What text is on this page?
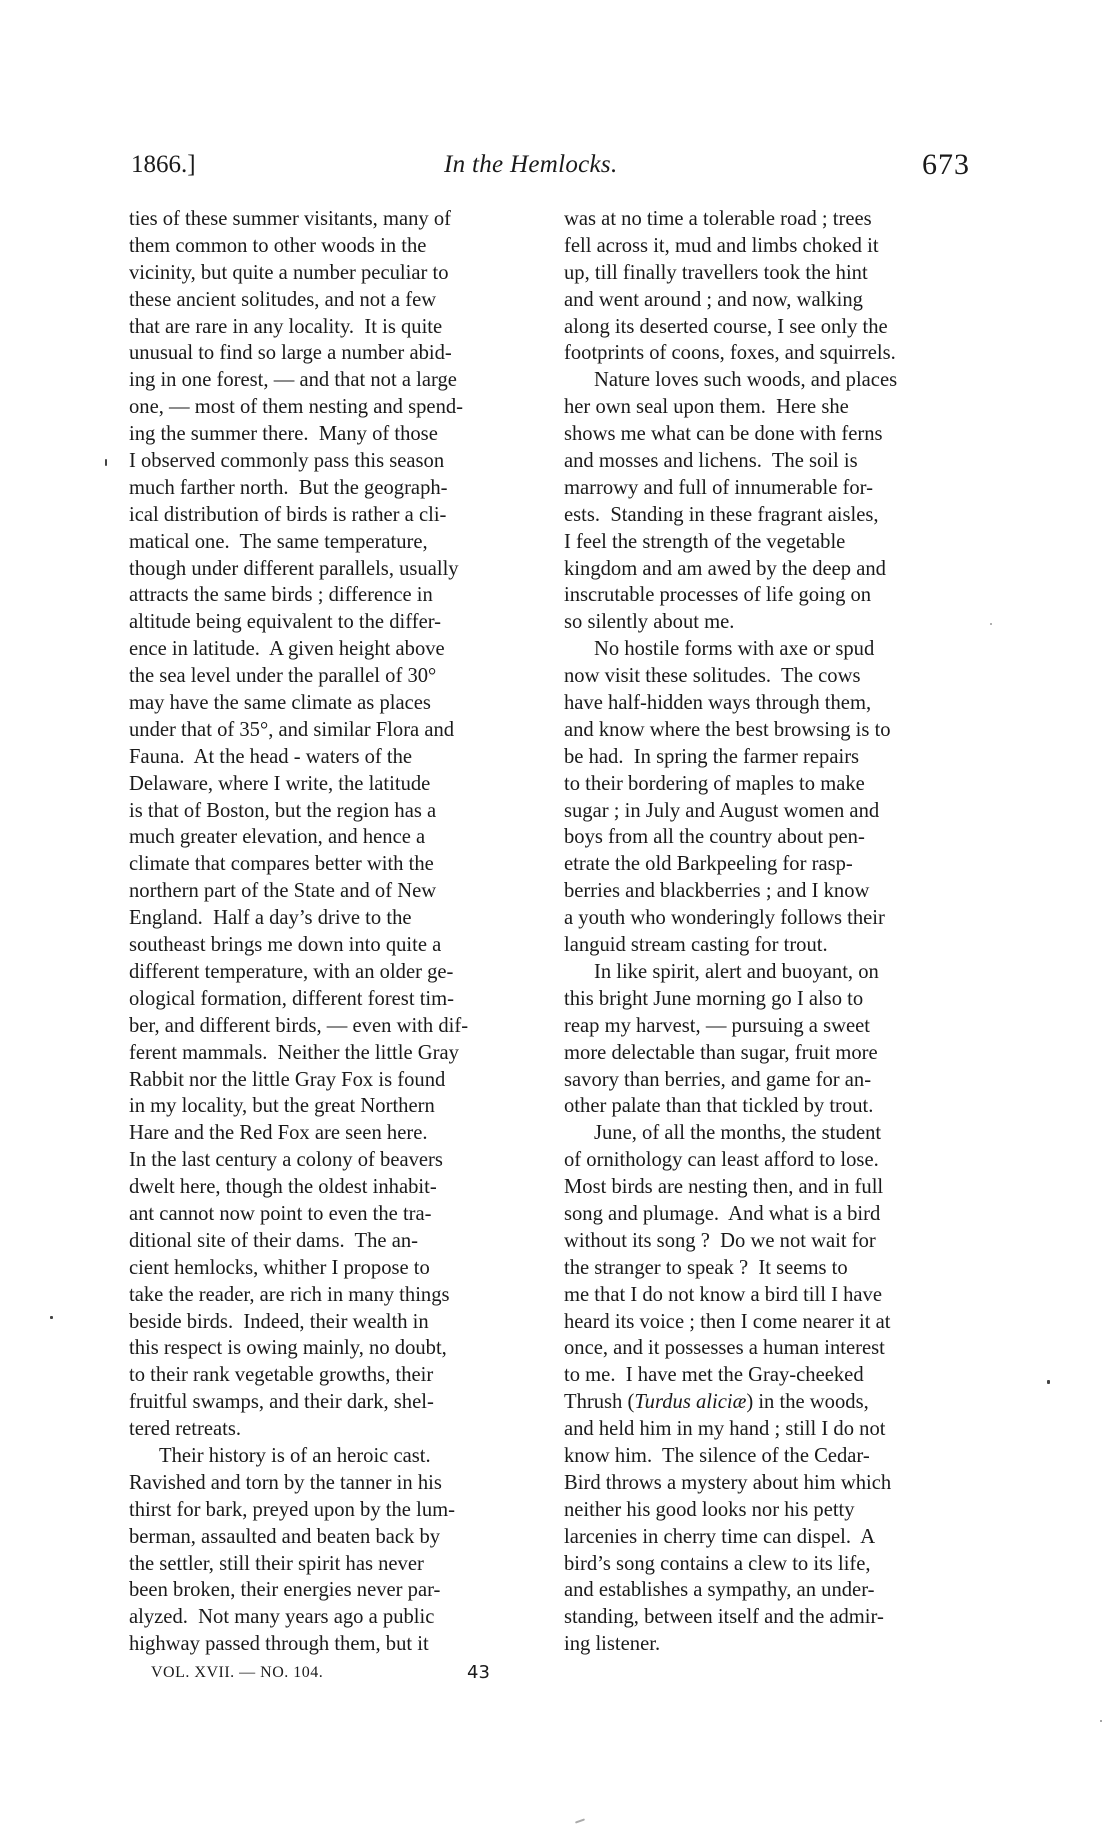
1866.]	In the Hemlocks.	673
ties of these summer visitants, many of
them common to other woods in the
vicinity, but quite a number peculiar to
these ancient solitudes, and not a few
that are rare in any locality.  It is quite
unusual to find so large a number abid-
ing in one forest, — and that not a large
one, — most of them nesting and spend-
ing the summer there.  Many of those
I observed commonly pass this season
much farther north.  But the geograph-
ical distribution of birds is rather a cli-
matical one.  The same temperature,
though under different parallels, usually
attracts the same birds ; difference in
altitude being equivalent to the differ-
ence in latitude.  A given height above
the sea level under the parallel of 30°
may have the same climate as places
under that of 35°, and similar Flora and
Fauna.  At the head - waters of the
Delaware, where I write, the latitude
is that of Boston, but the region has a
much greater elevation, and hence a
climate that compares better with the
northern part of the State and of New
England.  Half a day’s drive to the
southeast brings me down into quite a
different temperature, with an older ge-
ological formation, different forest tim-
ber, and different birds, — even with dif-
ferent mammals.  Neither the little Gray
Rabbit nor the little Gray Fox is found
in my locality, but the great Northern
Hare and the Red Fox are seen here.
In the last century a colony of beavers
dwelt here, though the oldest inhabit-
ant cannot now point to even the tra-
ditional site of their dams.  The an-
cient hemlocks, whither I propose to
take the reader, are rich in many things
beside birds.  Indeed, their wealth in
this respect is owing mainly, no doubt,
to their rank vegetable growths, their
fruitful swamps, and their dark, shel-
tered retreats.
Their history is of an heroic cast.
Ravished and torn by the tanner in his
thirst for bark, preyed upon by the lum-
berman, assaulted and beaten back by
the settler, still their spirit has never
been broken, their energies never par-
alyzed.  Not many years ago a public
highway passed through them, but it
was at no time a tolerable road ; trees
fell across it, mud and limbs choked it
up, till finally travellers took the hint
and went around ; and now, walking
along its deserted course, I see only the
footprints of coons, foxes, and squirrels.
Nature loves such woods, and places
her own seal upon them.  Here she
shows me what can be done with ferns
and mosses and lichens.  The soil is
marrowy and full of innumerable for-
ests.  Standing in these fragrant aisles,
I feel the strength of the vegetable
kingdom and am awed by the deep and
inscrutable processes of life going on
so silently about me.
No hostile forms with axe or spud
now visit these solitudes.  The cows
have half-hidden ways through them,
and know where the best browsing is to
be had.  In spring the farmer repairs
to their bordering of maples to make
sugar ; in July and August women and
boys from all the country about pen-
etrate the old Barkpeeling for rasp-
berries and blackberries ; and I know
a youth who wonderingly follows their
languid stream casting for trout.
In like spirit, alert and buoyant, on
this bright June morning go I also to
reap my harvest, — pursuing a sweet
more delectable than sugar, fruit more
savory than berries, and game for an-
other palate than that tickled by trout.
June, of all the months, the student
of ornithology can least afford to lose.
Most birds are nesting then, and in full
song and plumage.  And what is a bird
without its song ?  Do we not wait for
the stranger to speak ?  It seems to
me that I do not know a bird till I have
heard its voice ; then I come nearer it at
once, and it possesses a human interest
to me.  I have met the Gray-cheeked
Thrush (Turdus aliciæ) in the woods,
and held him in my hand ; still I do not
know him.  The silence of the Cedar-
Bird throws a mystery about him which
neither his good looks nor his petty
larcenies in cherry time can dispel.  A
bird’s song contains a clew to its life,
and establishes a sympathy, an under-
standing, between itself and the admir-
ing listener.
VOL. XVII. — NO. 104.	43
